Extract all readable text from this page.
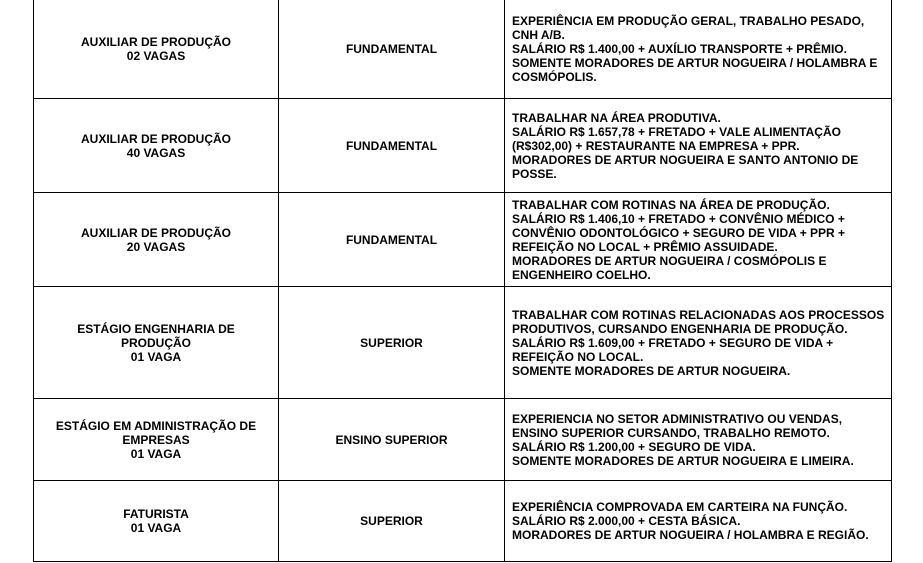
AUXILIAR DE PRODUÇÃO
02 VAGAS	FUNDAMENTAL	EXPERIÊNCIA EM PRODUÇÃO GERAL, TRABALHO PESADO, CNH A/B.
SALÁRIO R$ 1.400,00 + AUXÍLIO TRANSPORTE + PRÊMIO.
SOMENTE MORADORES DE ARTUR NOGUEIRA / HOLAMBRA E COSMÓPOLIS.

AUXILIAR DE PRODUÇÃO
40 VAGAS	FUNDAMENTAL	TRABALHAR NA ÁREA PRODUTIVA.
SALÁRIO R$ 1.657,78 + FRETADO + VALE ALIMENTAÇÃO (R$302,00) + RESTAURANTE NA EMPRESA + PPR.
MORADORES DE ARTUR NOGUEIRA E SANTO ANTONIO DE POSSE.

AUXILIAR DE PRODUÇÃO
20 VAGAS	FUNDAMENTAL	TRABALHAR COM ROTINAS NA ÁREA DE PRODUÇÃO.
SALÁRIO R$ 1.406,10 + FRETADO + CONVÊNIO MÉDICO + CONVÊNIO ODONTOLÓGICO + SEGURO DE VIDA + PPR + REFEIÇÃO NO LOCAL + PRÊMIO ASSUIDADE.
MORADORES DE ARTUR NOGUEIRA / COSMÓPOLIS E ENGENHEIRO COELHO.

ESTÁGIO ENGENHARIA DE PRODUÇÃO
01 VAGA	SUPERIOR	TRABALHAR COM ROTINAS RELACIONADAS AOS PROCESSOS PRODUTIVOS, CURSANDO ENGENHARIA DE PRODUÇÃO.
SALÁRIO R$ 1.609,00 + FRETADO + SEGURO DE VIDA + REFEIÇÃO NO LOCAL.
SOMENTE MORADORES DE ARTUR NOGUEIRA.

ESTÁGIO EM ADMINISTRAÇÃO DE EMPRESAS
01 VAGA	ENSINO SUPERIOR	EXPERIENCIA NO SETOR ADMINISTRATIVO OU VENDAS, ENSINO SUPERIOR CURSANDO, TRABALHO REMOTO.
SALÁRIO R$ 1.200,00 + SEGURO DE VIDA.
SOMENTE MORADORES DE ARTUR NOGUEIRA E LIMEIRA.

FATURISTA
01 VAGA	SUPERIOR	EXPERIÊNCIA COMPROVADA EM CARTEIRA NA FUNÇÃO.
SALÁRIO R$ 2.000,00 + CESTA BÁSICA.
MORADORES DE ARTUR NOGUEIRA / HOLAMBRA E REGIÃO.
